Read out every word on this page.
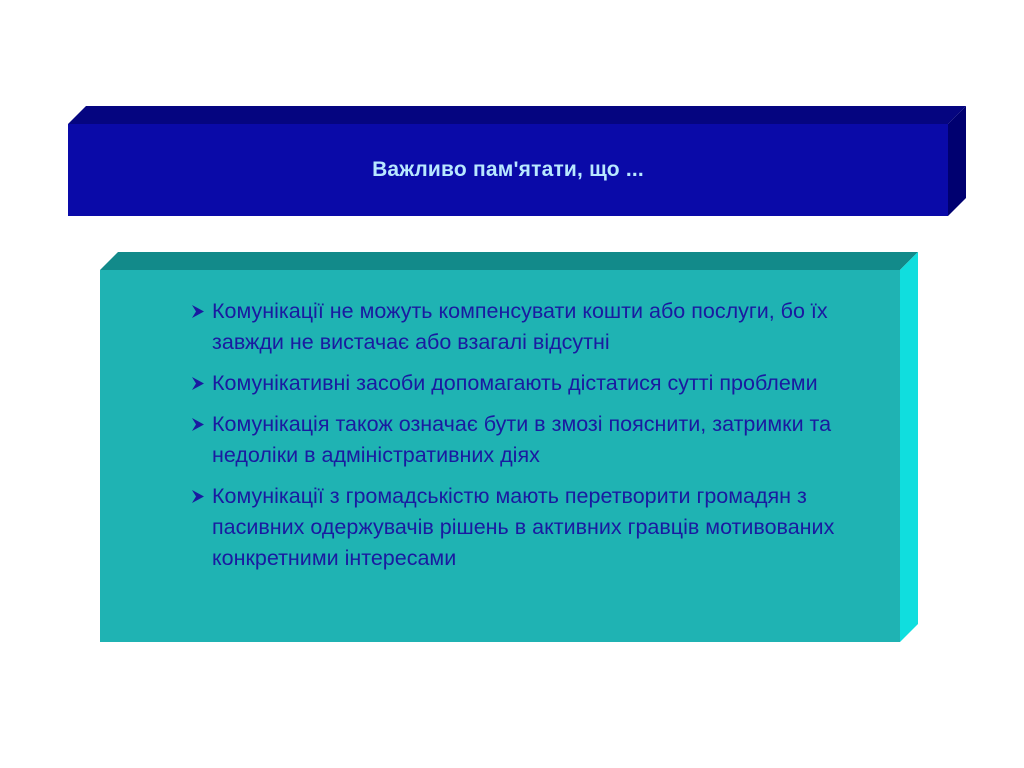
Важливо пам'ятати, що ...
Комунікації не можуть компенсувати кошти або послуги, бо їх завжди не вистачає або взагалі відсутні
Комунікативні засоби допомагають дістатися сутті проблеми
Комунікація також означає бути в змозі пояснити, затримки та недоліки в адміністративних діях
Комунікації з громадськістю мають перетворити громадян з пасивних одержувачів рішень в активних гравців мотивованих конкретними інтересами
